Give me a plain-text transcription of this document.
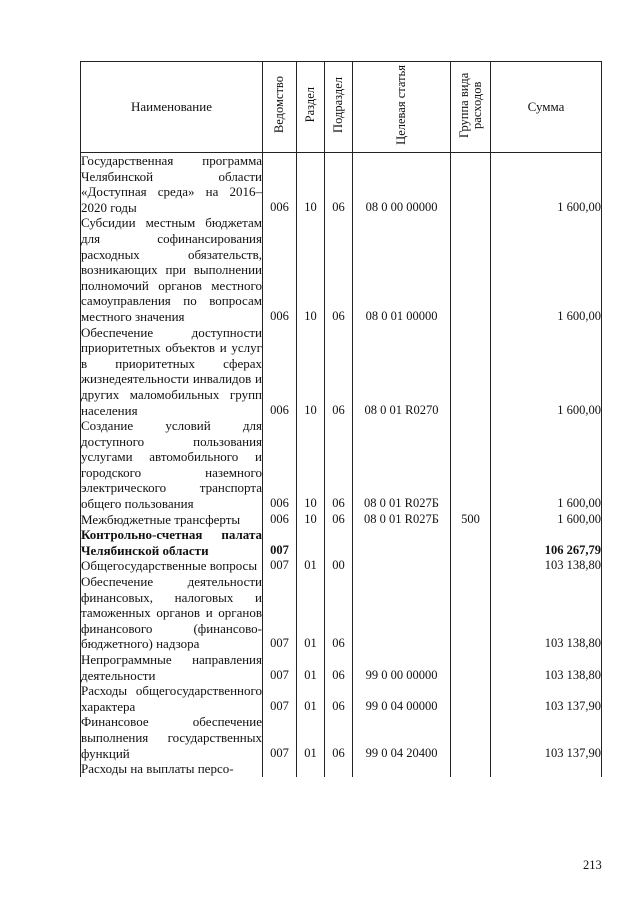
Наименование	Ведомство	Раздел	Подраздел	Целевая статья	Группа вида расходов	Сумма
Государственная программа Челябинской области «Доступная среда» на 2016–2020 годы	006	10	06	08 0 00 00000		1 600,00
Субсидии местным бюджетам для софинансирования расходных обязательств, возникающих при выполнении полномочий органов местного самоуправления по вопросам местного значения	006	10	06	08 0 01 00000		1 600,00
Обеспечение доступности приоритетных объектов и услуг в приоритетных сферах жизнедеятельности инвалидов и других маломобильных групп населения	006	10	06	08 0 01 R0270		1 600,00
Создание условий для доступного пользования услугами автомобильного и городского наземного электрического транспорта общего пользования	006	10	06	08 0 01 R027Б		1 600,00
Межбюджетные трансферты	006	10	06	08 0 01 R027Б	500	1 600,00
Контрольно-счетная палата Челябинской области	007					106 267,79
Общегосударственные вопросы	007	01	00			103 138,80
Обеспечение деятельности финансовых, налоговых и таможенных органов и органов финансового (финансово-бюджетного) надзора	007	01	06			103 138,80
Непрограммные направления деятельности	007	01	06	99 0 00 00000		103 138,80
Расходы общегосударственного характера	007	01	06	99 0 04 00000		103 137,90
Финансовое обеспечение выполнения государственных функций	007	01	06	99 0 04 20400		103 137,90
Расходы на выплаты персо-						
213
